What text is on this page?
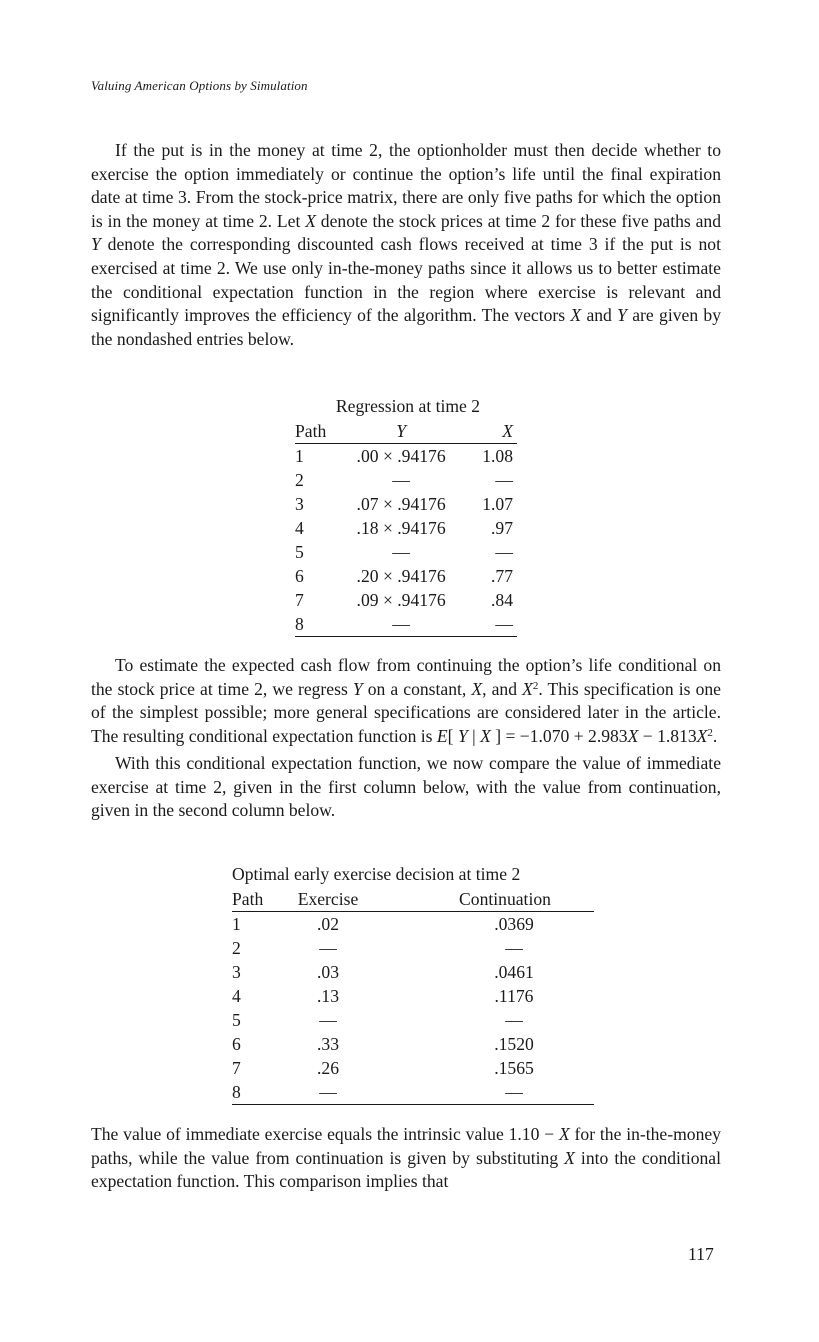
Valuing American Options by Simulation

If the put is in the money at time 2, the optionholder must then decide whether to exercise the option immediately or continue the option’s life until the final expiration date at time 3. From the stock-price matrix, there are only five paths for which the option is in the money at time 2. Let X denote the stock prices at time 2 for these five paths and Y denote the corresponding discounted cash flows received at time 3 if the put is not exercised at time 2. We use only in-the-money paths since it allows us to better estimate the conditional expectation function in the region where exercise is relevant and significantly improves the efficiency of the algorithm. The vectors X and Y are given by the nondashed entries below.

Regression at time 2
Path	Y	X
1	.00 × .94176	1.08
2	—	—
3	.07 × .94176	1.07
4	.18 × .94176	.97
5	—	—
6	.20 × .94176	.77
7	.09 × .94176	.84
8	—	—

To estimate the expected cash flow from continuing the option’s life conditional on the stock price at time 2, we regress Y on a constant, X, and $X^2$. This specification is one of the simplest possible; more general specifications are considered later in the article. The resulting conditional expectation function is E[ Y | X ] = $-1.070 + 2.983X - 1.813X^2$.

With this conditional expectation function, we now compare the value of immediate exercise at time 2, given in the first column below, with the value from continuation, given in the second column below.

Optimal early exercise decision at time 2
Path	Exercise	Continuation
1	.02	.0369
2	—	—
3	.03	.0461
4	.13	.1176
5	—	—
6	.33	.1520
7	.26	.1565
8	—	—

The value of immediate exercise equals the intrinsic value 1.10 − X for the in-the-money paths, while the value from continuation is given by substituting X into the conditional expectation function. This comparison implies that

117
